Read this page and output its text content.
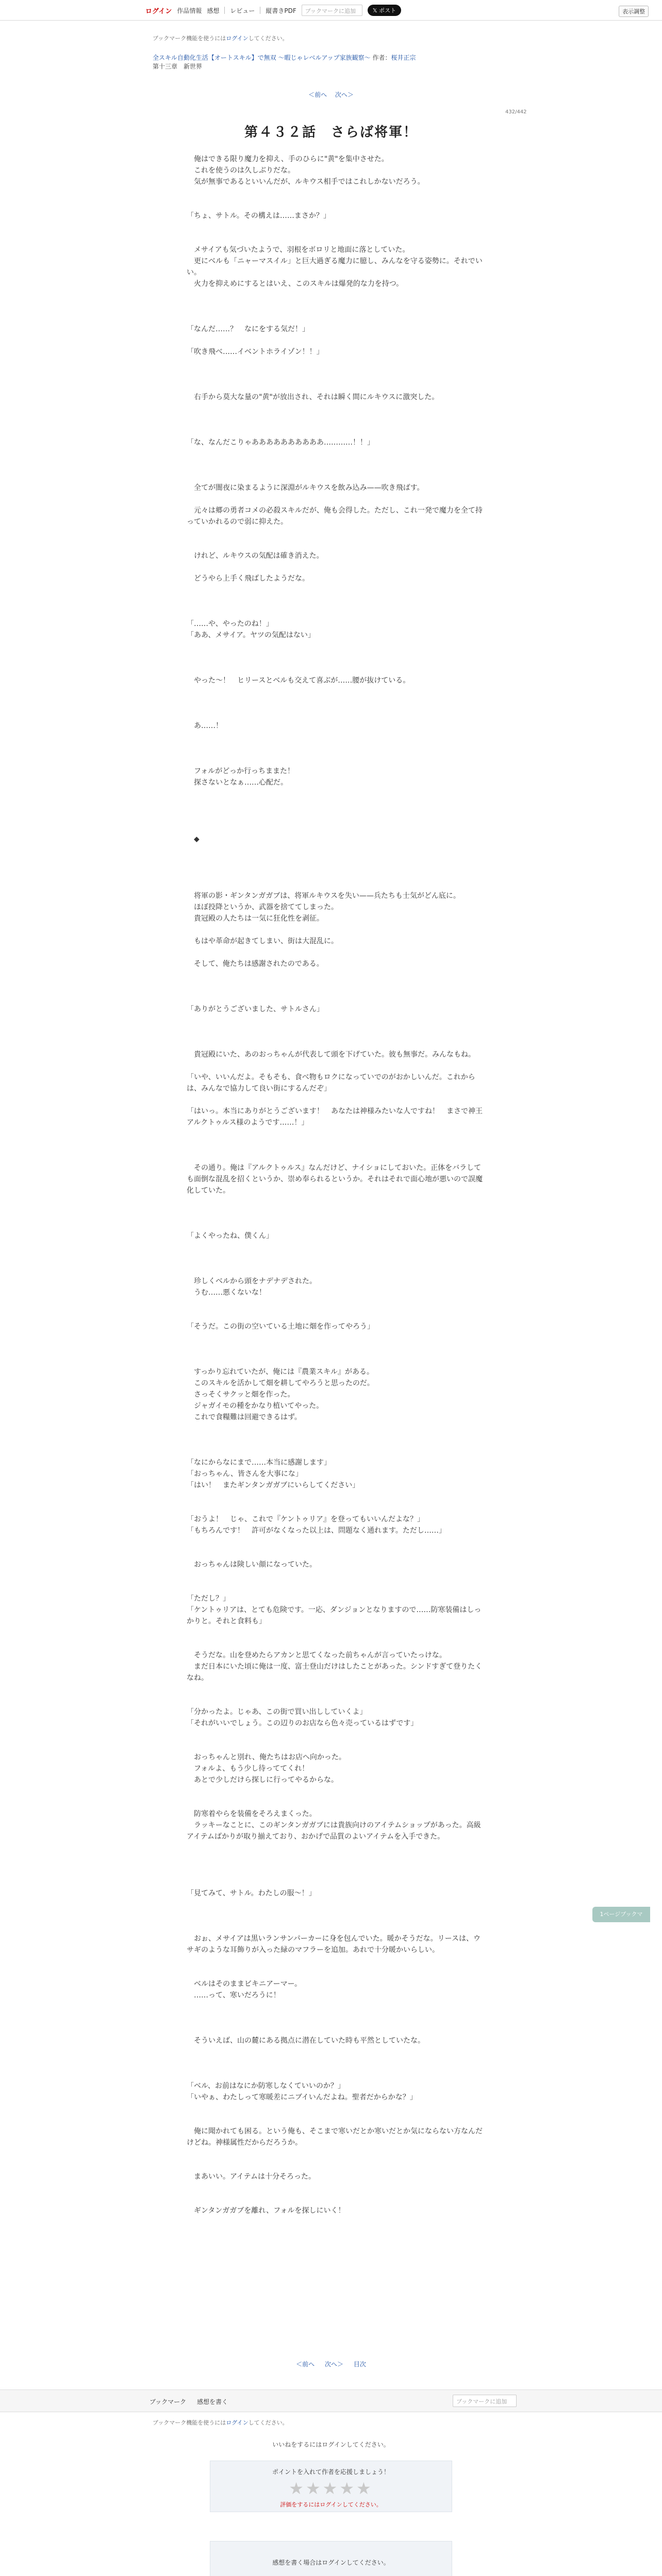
ログイン 作品情報 感想 レビュー 縦書きPDF	ブックマークに追加	𝕏 ポスト	表示調整
ブックマーク機能を使うにはログインしてください。
全スキル自動化生活【オートスキル】で無双 〜暇じゃレベルアップ家族観察〜 作者：桜井正宗
第十三章　新世界
＜前へ 次へ＞
432/442
第４３２話　さらば将軍！
　俺はできる限り魔力を抑え、手のひらに"黄"を集中させた。
　これを使うのは久しぶりだな。
　気が無事であるといいんだが、ルキウス相手ではこれしかないだろう。
「ちょ、サトル。その構えは……まさか？」
　メサイアも気づいたようで、羽根をボロリと地面に落としていた。
　更にベルも「ニャーマスイル」と巨大過ぎる魔力に臆し、みんなを守る姿勢に。それでいい。
　火力を抑えめにするとはいえ、このスキルは爆発的な力を持つ。
「なんだ……？　なにをする気だ！」
「吹き飛べ……イベントホライゾン！！」
　右手から莫大な量の"黄"が放出され、それは瞬く間にルキウスに激突した。
「な、なんだこりゃああああああああああ…………！！」
　全てが闇夜に染まるように深淵がルキウスを飲み込み——吹き飛ばす。
　元々は郷の勇者コメの必殺スキルだが、俺も会得した。ただし、これ一発で魔力を全て持っていかれるので弱に抑えた。
　けれど、ルキウスの気配は確き消えた。
　どうやら上手く飛ばしたようだな。
「……や、やったのね！」
「ああ、メサイア。ヤツの気配はない」
　やった〜！　ヒリースとベルも交えて喜ぶが……腰が抜けている。
　あ……！
　フォルがどっか行っちままた！
　探さないとなぁ……心配だ。
　◆
　将軍の影・ギンタンガガブは、将軍ルキウスを失い——兵たちも士気がどん底に。
　ほぼ投降というか、武器を捨ててしまった。
　貴冠殿の人たちは一気に狂化性を剥征。
　もはや革命が起きてしまい、街は大混乱に。
　そして、俺たちは感謝されたのである。
「ありがとうございました、サトルさん」
　貴冠殿にいた、あのおっちゃんが代表して頭を下げていた。彼も無事だ。みんなもね。
「いや、いいんだよ。そもそも、食べ物もロクになっていでのがおかしいんだ。これからは、みんなで協力して良い街にするんだぞ」
「はいっ。本当にありがとうございます！　あなたは神様みたいな人ですね！　まさで神王アルクトゥルス様のようです……！」
　その通り。俺は『アルクトゥルス』なんだけど、ナイショにしておいた。正体をバラしても面倒な混乱を招くというか、崇め奉られるというか。それはそれで面心地が悪いので誤魔化していた。
「よくやったね、僕くん」
　珍しくベルから頭をナデナデされた。
　うむ……悪くないな！
「そうだ。この街の空いている土地に畑を作ってやろう」
　すっかり忘れていたが、俺には『農業スキル』がある。
　このスキルを活かして畑を耕してやろうと思ったのだ。
　さっそくサクッと畑を作った。
　ジャガイモの種をかなり植いてやった。
　これで食糧難は回避できるはず。
「なにからなにまで……本当に感謝します」
「おっちゃん、皆さんを大事にな」
「はい！　またギンタンガガブにいらしてください」
「おうよ！　じゃ、これで『ケントゥリア』を登ってもいいんだよな？」
「もちろんです！　許可がなくなった以上は、問題なく通れます。ただし……」
　おっちゃんは険しい顔になっていた。
「ただし？」
「ケントゥリアは、とても危険です。一応、ダンジョンとなりますので……防寒装備はしっかりと。それと食料も」
　そうだな。山を登めたらアカンと思てくなった前ちゃんが言っていたっけな。
　まだ日本にいた頃に俺は一度、富士登山だけはしたことがあった。シンドすぎて登りたくなね。
「分かったよ。じゃあ、この街で買い出ししていくよ」
「それがいいでしょう。この辺りのお店なら色々売っているはずです」
　おっちゃんと別れ、俺たちはお店へ向かった。
　フォルよ、もう少し待っててくれ！
　あとで少しだけら探しに行ってやるからな。
　防寒着やらを装備をそろえまくった。
　ラッキーなことに、このギンタンガガブには貴族向けのアイテムショップがあった。高級アイテムばかりが取り揃えており、おかげで品質のよいアイテムを入手できた。
「見てみて、サトル。わたしの服〜！」
　おぉ、メサイアは黒いランサンパーカーに身を包んでいた。暖かそうだな。リースは、ウサギのような耳飾りが入った緑のマフラーを追加。あれで十分暖かいらしい。
　ベルはそのままビキニアーマー。
　……って、寒いだろうに！
　そういえば、山の麓にある拠点に潜在していた時も平然としていたな。
「ベル、お前はなにか防寒しなくていいのか？」
「いやぁ、わたしって寒暖差にニブイいんだよね。聖者だからかな？」
　俺に聞かれても困る。という俺も、そこまで寒いだとか寒いだとか気にならない方なんだけどね。神様属性だからだろうか。
　まあいい。アイテムは十分そろった。
　ギンタンガガブを離れ、フォルを探しにいく！
1ページブックマ
＜前へ 次へ＞ 目次
ブックマーク 感想を書く	ブックマークに追加
ブックマーク機能を使うにはログインしてください。
いいねをするにはログインしてください。
ポイントを入れて作者を応援しましょう！
★★★★★
評価をするにはログインしてください。
感想を書く場合はログインしてください。
